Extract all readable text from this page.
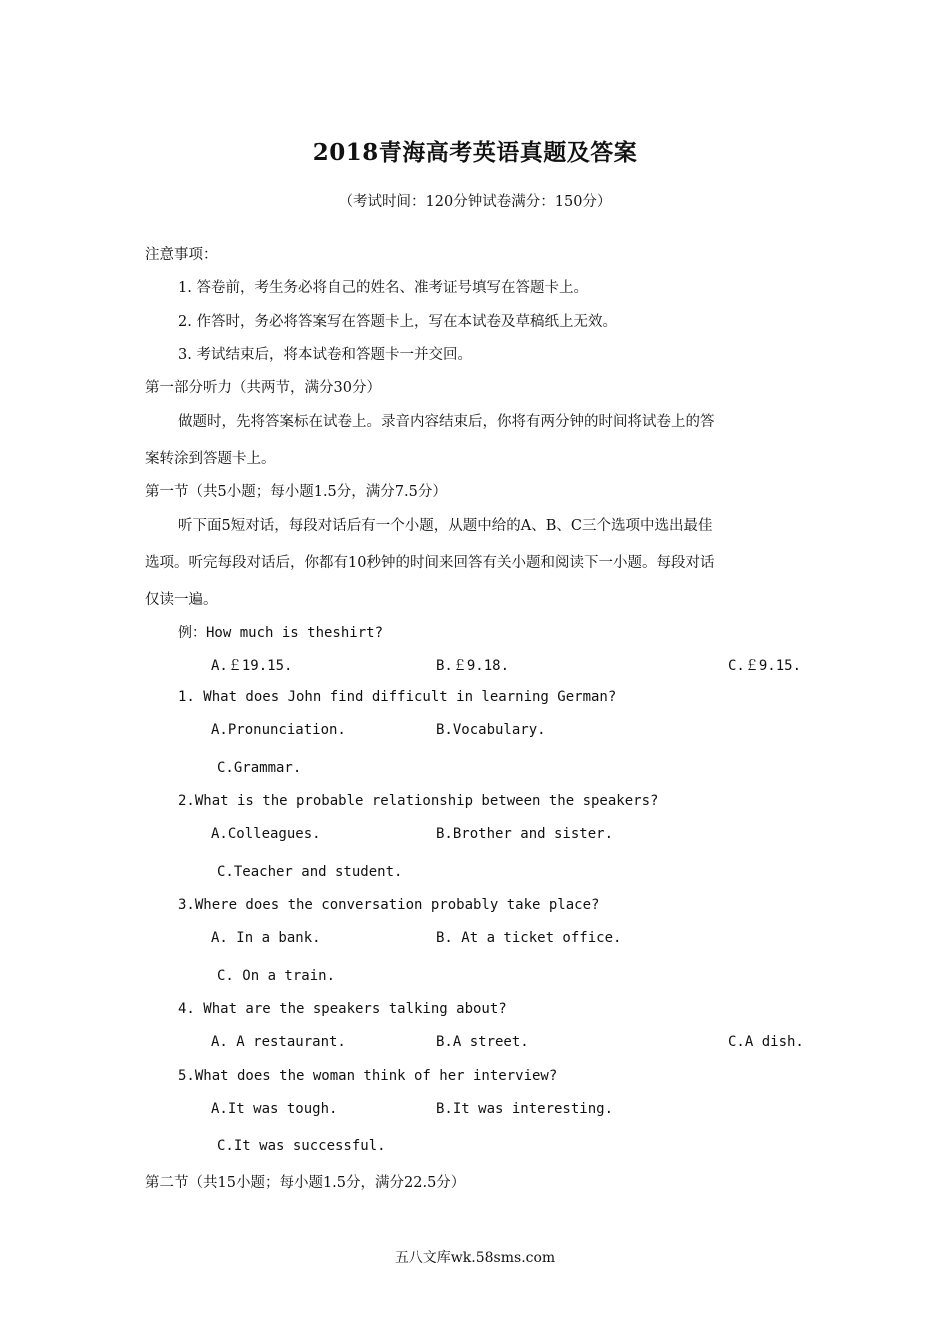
2018青海高考英语真题及答案
（考试时间：120分钟试卷满分：150分）
注意事项：
1. 答卷前，考生务必将自己的姓名、准考证号填写在答题卡上。
2. 作答时，务必将答案写在答题卡上，写在本试卷及草稿纸上无效。
3. 考试结束后，将本试卷和答题卡一并交回。
第一部分听力（共两节，满分30分）
做题时，先将答案标在试卷上。录音内容结束后，你将有两分钟的时间将试卷上的答
案转涂到答题卡上。
第一节（共5小题；每小题1.5分，满分7.5分）
听下面5短对话，每段对话后有一个小题，从题中给的A、B、C三个选项中选出最佳
选项。听完每段对话后，你都有10秒钟的时间来回答有关小题和阅读下一小题。每段对话
仅读一遍。
例：How much is theshirt?
A.￡19.15.	B.￡9.18.	C.￡9.15.
1. What does John find difficult in learning German?
A.Pronunciation.	B.Vocabulary.
C.Grammar.
2.What is the probable relationship between the speakers?
A.Colleagues.	B.Brother and sister.
C.Teacher and student.
3.Where does the conversation probably take place?
A. In a bank.	B. At a ticket office.
C. On a train.
4. What are the speakers talking about?
A. A restaurant.	B.A street.	C.A dish.
5.What does the woman think of her interview?
A.It was tough.	B.It was interesting.
C.It was successful.
第二节（共15小题；每小题1.5分，满分22.5分）
五八文库wk.58sms.com
